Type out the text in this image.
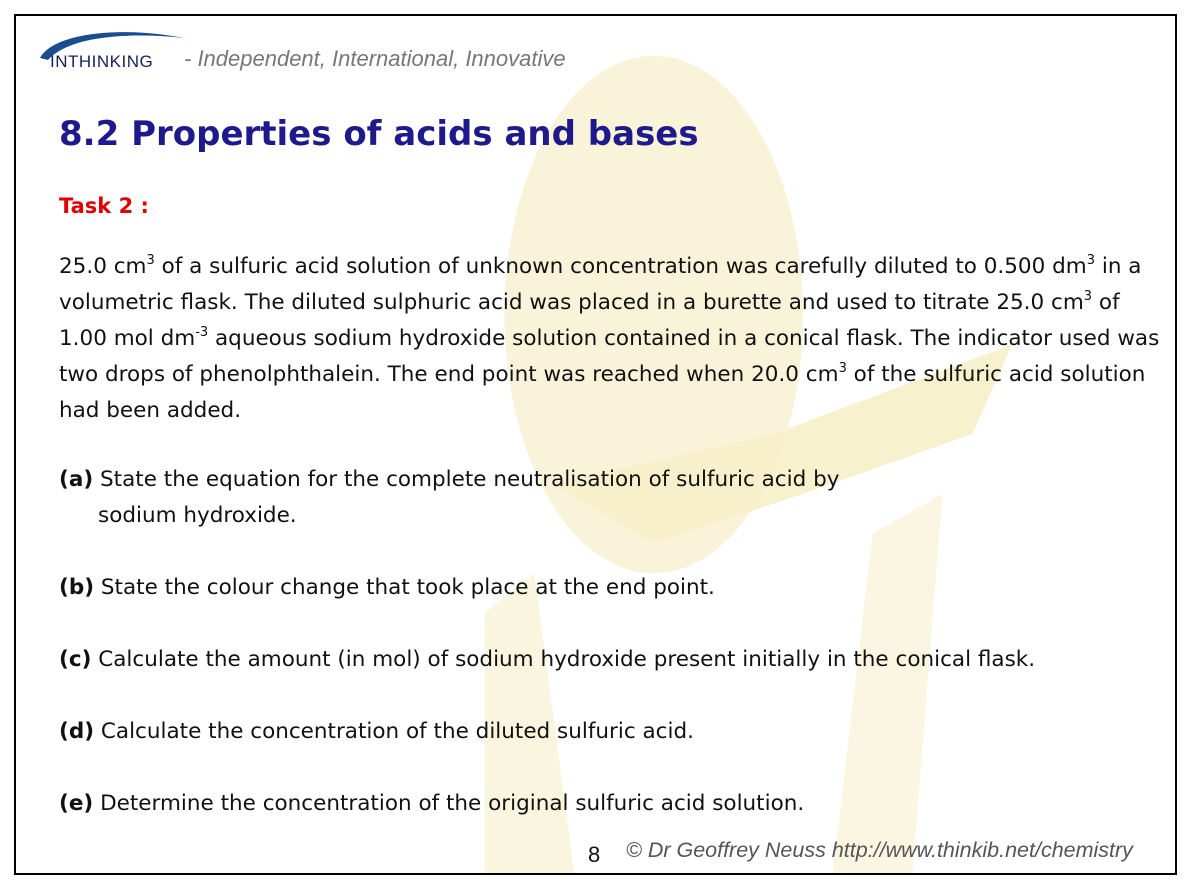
INTHINKING - Independent, International, Innovative
8.2 Properties of acids and bases
Task 2 :

25.0 $cm^3$ of a sulfuric acid solution of unknown concentration was carefully diluted to 0.500 $dm^3$ in a volumetric flask. The diluted sulphuric acid was placed in a burette and used to titrate 25.0 $cm^3$ of 1.00 mol $dm^{-3}$ aqueous sodium hydroxide solution contained in a conical flask. The indicator used was two drops of phenolphthalein. The end point was reached when 20.0 $cm^3$ of the sulfuric acid solution had been added.

(a) State the equation for the complete neutralisation of sulfuric acid by
sodium hydroxide.

(b) State the colour change that took place at the end point.

(c) Calculate the amount (in mol) of sodium hydroxide present initially in the conical flask.

(d) Calculate the concentration of the diluted sulfuric acid.

(e) Determine the concentration of the original sulfuric acid solution.

8 © Dr Geoffrey Neuss http://www.thinkib.net/chemistry
